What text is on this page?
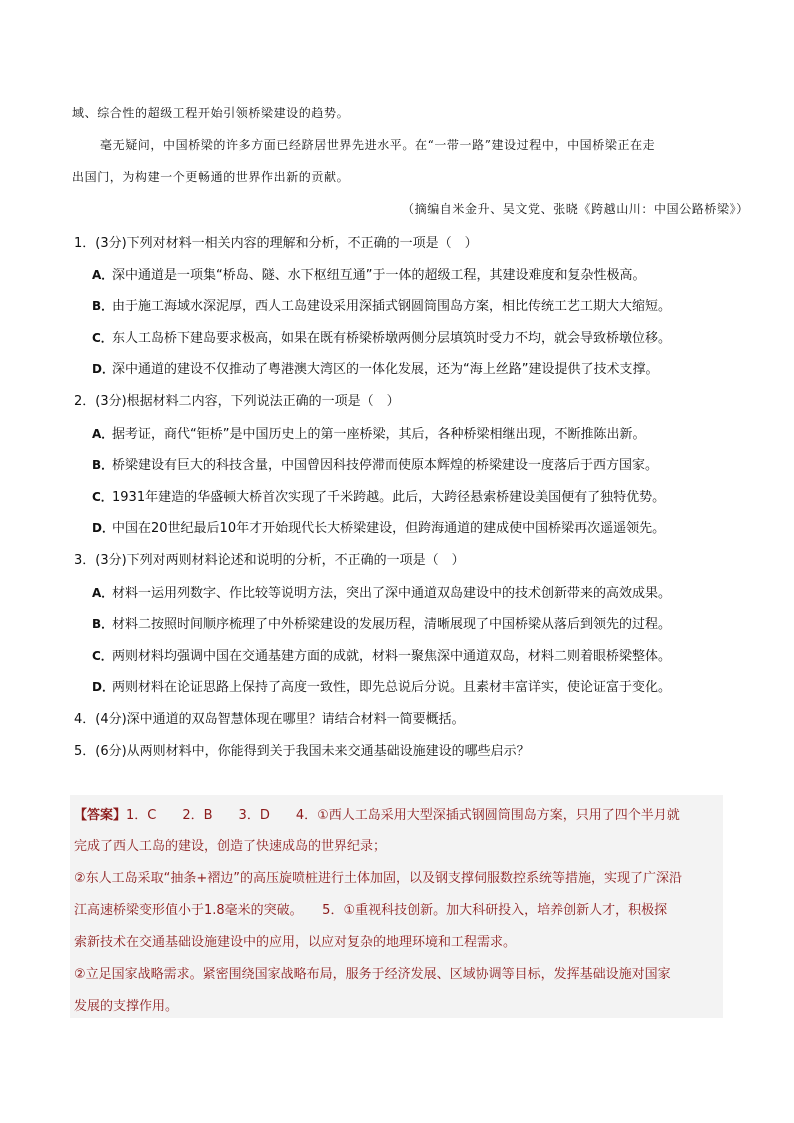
域、综合性的超级工程开始引领桥梁建设的趋势。
毫无疑问，中国桥梁的许多方面已经跻居世界先进水平。在“一带一路”建设过程中，中国桥梁正在走
出国门，为构建一个更畅通的世界作出新的贡献。
（摘编自米金升、吴文党、张晓《跨越山川：中国公路桥梁》）
1．(3分)下列对材料一相关内容的理解和分析，不正确的一项是（　）
A．深中通道是一项集“桥岛、隧、水下枢纽互通”于一体的超级工程，其建设难度和复杂性极高。
B．由于施工海域水深泥厚，西人工岛建设采用深插式钢圆筒围岛方案，相比传统工艺工期大大缩短。
C．东人工岛桥下建岛要求极高，如果在既有桥梁桥墩两侧分层填筑时受力不均，就会导致桥墩位移。
D．深中通道的建设不仅推动了粤港澳大湾区的一体化发展，还为“海上丝路”建设提供了技术支撑。
2．(3分)根据材料二内容，下列说法正确的一项是（　）
A．据考证，商代“钜桥”是中国历史上的第一座桥梁，其后，各种桥梁相继出现，不断推陈出新。
B．桥梁建设有巨大的科技含量，中国曾因科技停滞而使原本辉煌的桥梁建设一度落后于西方国家。
C．1931年建造的华盛顿大桥首次实现了千米跨越。此后，大跨径悬索桥建设美国便有了独特优势。
D．中国在20世纪最后10年才开始现代长大桥梁建设，但跨海通道的建成使中国桥梁再次遥遥领先。
3．(3分)下列对两则材料论述和说明的分析，不正确的一项是（　）
A．材料一运用列数字、作比较等说明方法，突出了深中通道双岛建设中的技术创新带来的高效成果。
B．材料二按照时间顺序梳理了中外桥梁建设的发展历程，清晰展现了中国桥梁从落后到领先的过程。
C．两则材料均强调中国在交通基建方面的成就，材料一聚焦深中通道双岛，材料二则着眼桥梁整体。
D．两则材料在论证思路上保持了高度一致性，即先总说后分说。且素材丰富详实，使论证富于变化。
4．(4分)深中通道的双岛智慧体现在哪里？请结合材料一简要概括。
5．(6分)从两则材料中，你能得到关于我国未来交通基础设施建设的哪些启示？
【答案】1．C　　2．B　　3．D　　4．①西人工岛采用大型深插式钢圆筒围岛方案，只用了四个半月就
完成了西人工岛的建设，创造了快速成岛的世界纪录；
②东人工岛采取“抽条+褶边”的高压旋喷桩进行土体加固，以及钢支撑伺服数控系统等措施，实现了广深沿
江高速桥梁变形值小于1.8毫米的突破。　　5．①重视科技创新。加大科研投入，培养创新人才，积极探
索新技术在交通基础设施建设中的应用，以应对复杂的地理环境和工程需求。
②立足国家战略需求。紧密围绕国家战略布局，服务于经济发展、区域协调等目标，发挥基础设施对国家
发展的支撑作用。
